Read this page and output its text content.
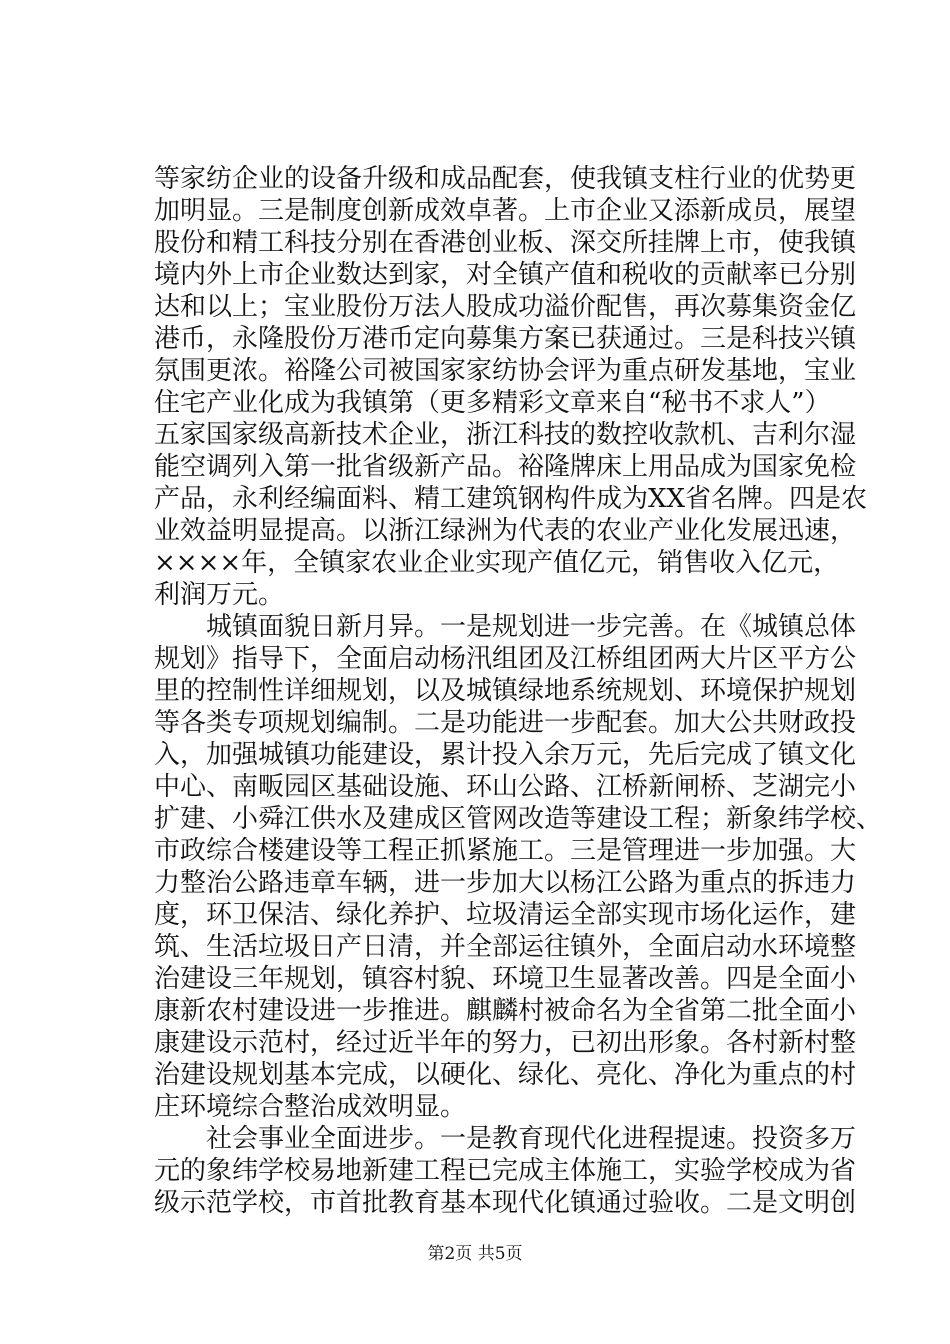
等家纺企业的设备升级和成品配套，使我镇支柱行业的优势更
加明显。三是制度创新成效卓著。上市企业又添新成员，展望
股份和精工科技分别在香港创业板、深交所挂牌上市，使我镇
境内外上市企业数达到家，对全镇产值和税收的贡献率已分别
达和以上；宝业股份万法人股成功溢价配售，再次募集资金亿
港币，永隆股份万港币定向募集方案已获通过。三是科技兴镇
氛围更浓。裕隆公司被国家家纺协会评为重点研发基地，宝业
住宅产业化成为我镇第（更多精彩文章来自“秘书不求人”）
五家国家级高新技术企业，浙江科技的数控收款机、吉利尔湿
能空调列入第一批省级新产品。裕隆牌床上用品成为国家免检
产品，永利经编面料、精工建筑钢构件成为XX省名牌。四是农
业效益明显提高。以浙江绿洲为代表的农业产业化发展迅速，
××××年，全镇家农业企业实现产值亿元，销售收入亿元，
利润万元。
城镇面貌日新月异。一是规划进一步完善。在《城镇总体
规划》指导下，全面启动杨汛组团及江桥组团两大片区平方公
里的控制性详细规划，以及城镇绿地系统规划、环境保护规划
等各类专项规划编制。二是功能进一步配套。加大公共财政投
入，加强城镇功能建设，累计投入余万元，先后完成了镇文化
中心、南畈园区基础设施、环山公路、江桥新闸桥、芝湖完小
扩建、小舜江供水及建成区管网改造等建设工程；新象纬学校、
市政综合楼建设等工程正抓紧施工。三是管理进一步加强。大
力整治公路违章车辆，进一步加大以杨江公路为重点的拆违力
度，环卫保洁、绿化养护、垃圾清运全部实现市场化运作，建
筑、生活垃圾日产日清，并全部运往镇外，全面启动水环境整
治建设三年规划，镇容村貌、环境卫生显著改善。四是全面小
康新农村建设进一步推进。麒麟村被命名为全省第二批全面小
康建设示范村，经过近半年的努力，已初出形象。各村新村整
治建设规划基本完成，以硬化、绿化、亮化、净化为重点的村
庄环境综合整治成效明显。
社会事业全面进步。一是教育现代化进程提速。投资多万
元的象纬学校易地新建工程已完成主体施工，实验学校成为省
级示范学校，市首批教育基本现代化镇通过验收。二是文明创
第2页 共5页
